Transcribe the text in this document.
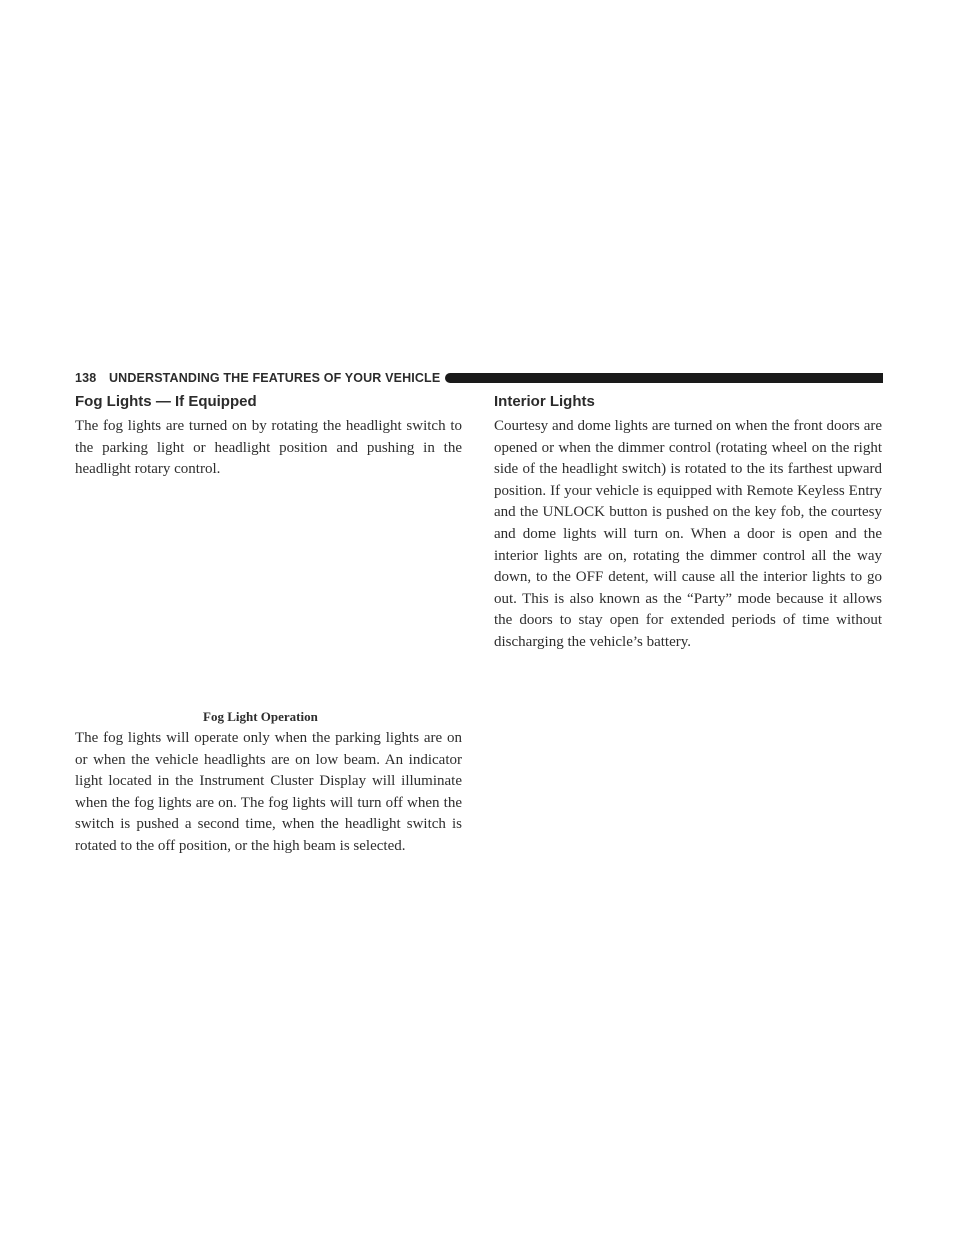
138 UNDERSTANDING THE FEATURES OF YOUR VEHICLE
Fog Lights — If Equipped

The fog lights are turned on by rotating the headlight switch to the parking light or headlight position and pushing in the headlight rotary control.

Fog Light Operation

The fog lights will operate only when the parking lights are on or when the vehicle headlights are on low beam. An indicator light located in the Instrument Cluster Display will illuminate when the fog lights are on. The fog lights will turn off when the switch is pushed a second time, when the headlight switch is rotated to the off position, or the high beam is selected.

Interior Lights

Courtesy and dome lights are turned on when the front doors are opened or when the dimmer control (rotating wheel on the right side of the headlight switch) is rotated to the its farthest upward position. If your vehicle is equipped with Remote Keyless Entry and the UNLOCK button is pushed on the key fob, the courtesy and dome lights will turn on. When a door is open and the interior lights are on, rotating the dimmer control all the way down, to the OFF detent, will cause all the interior lights to go out. This is also known as the “Party” mode because it allows the doors to stay open for extended periods of time without discharging the vehicle’s battery.
